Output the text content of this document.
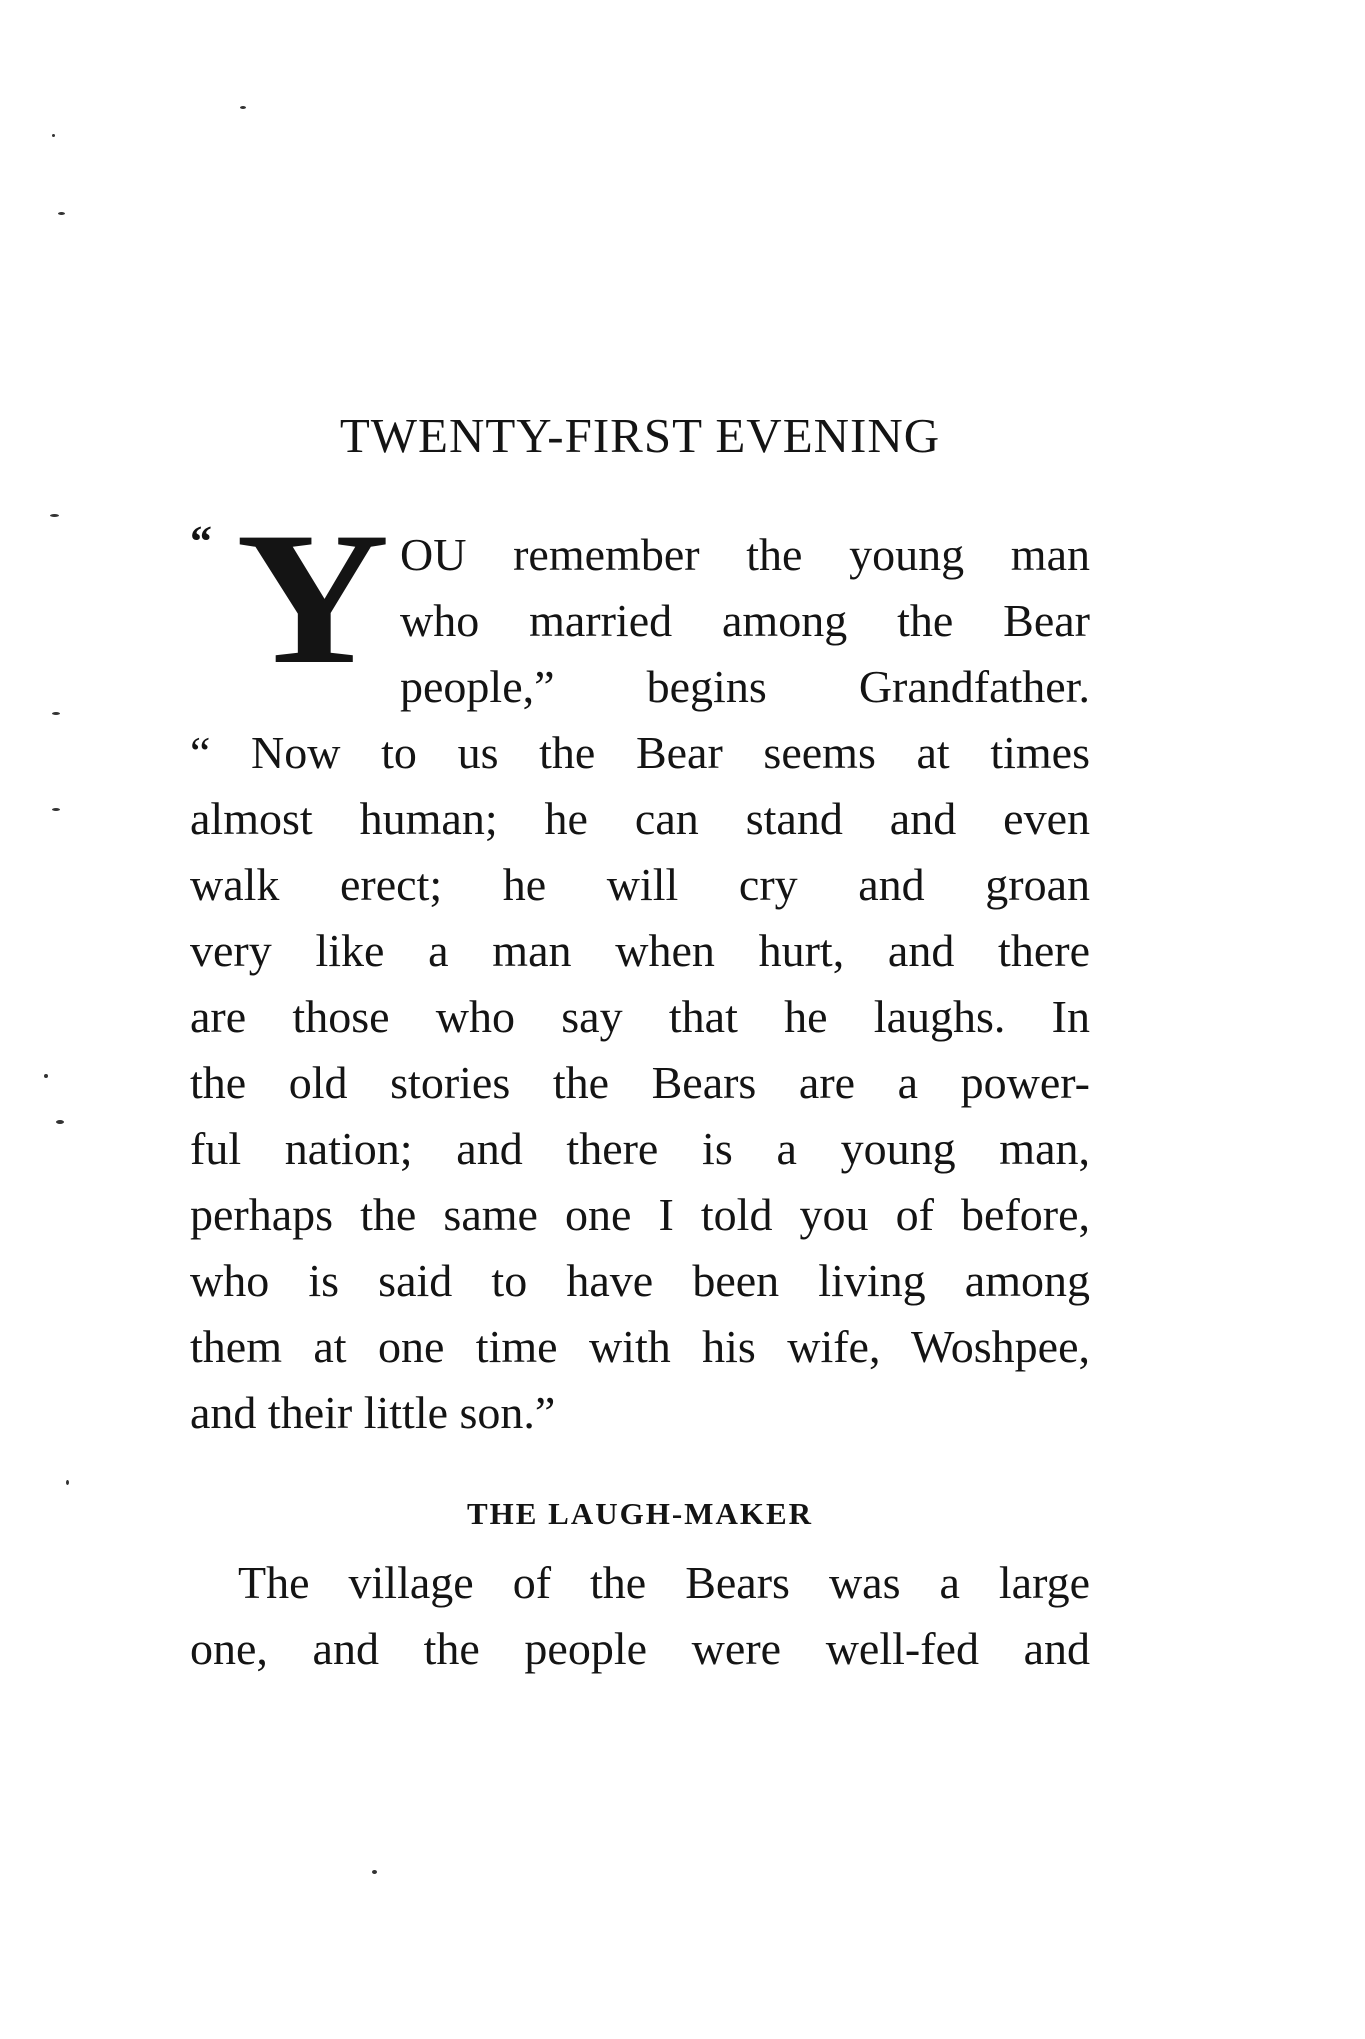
TWENTY-FIRST EVENING
“ Y OU remember the young man
who married among the Bear
people,” begins Grandfather.
“ Now to us the Bear seems at times
almost human; he can stand and even
walk erect; he will cry and groan
very like a man when hurt, and there
are those who say that he laughs. In
the old stories the Bears are a power-
ful nation; and there is a young man,
perhaps the same one I told you of before,
who is said to have been living among
them at one time with his wife, Woshpee,
and their little son.”
THE LAUGH-MAKER
The village of the Bears was a large
one, and the people were well-fed and
